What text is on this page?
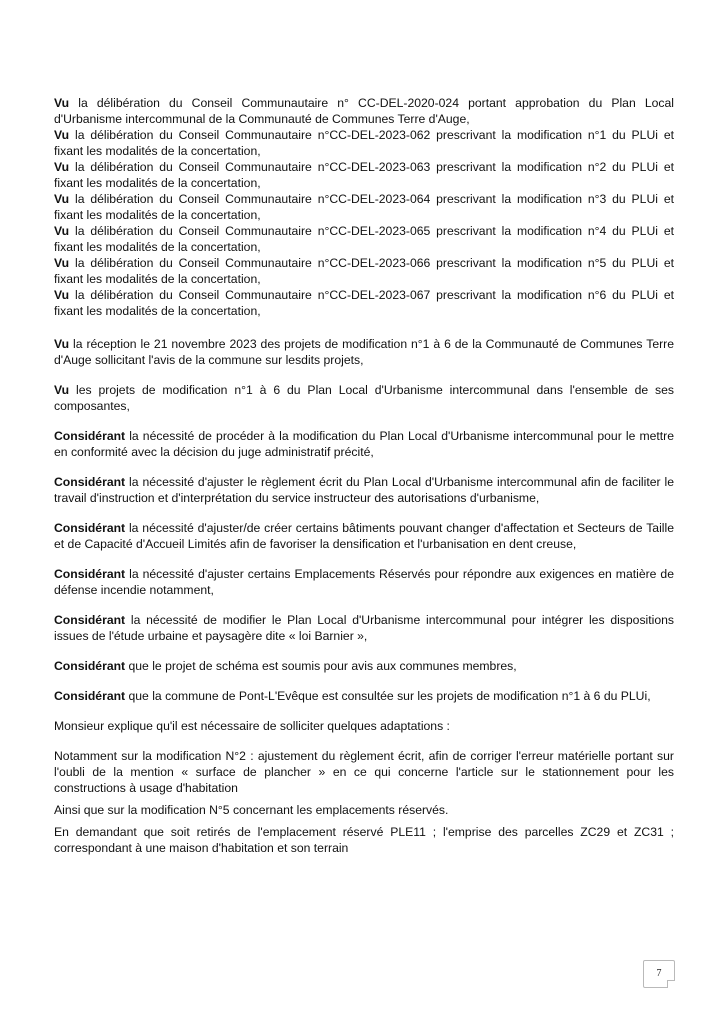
Vu la délibération du Conseil Communautaire n° CC-DEL-2020-024 portant approbation du Plan Local d'Urbanisme intercommunal de la Communauté de Communes Terre d'Auge,

Vu la délibération du Conseil Communautaire n°CC-DEL-2023-062 prescrivant la modification n°1 du PLUi et fixant les modalités de la concertation,

Vu la délibération du Conseil Communautaire n°CC-DEL-2023-063 prescrivant la modification n°2 du PLUi et fixant les modalités de la concertation,

Vu la délibération du Conseil Communautaire n°CC-DEL-2023-064 prescrivant la modification n°3 du PLUi et fixant les modalités de la concertation,

Vu la délibération du Conseil Communautaire n°CC-DEL-2023-065 prescrivant la modification n°4 du PLUi et fixant les modalités de la concertation,

Vu la délibération du Conseil Communautaire n°CC-DEL-2023-066 prescrivant la modification n°5 du PLUi et fixant les modalités de la concertation,

Vu la délibération du Conseil Communautaire n°CC-DEL-2023-067 prescrivant la modification n°6 du PLUi et fixant les modalités de la concertation,

Vu la réception le 21 novembre 2023 des projets de modification n°1 à 6 de la Communauté de Communes Terre d'Auge sollicitant l'avis de la commune sur lesdits projets,

Vu les projets de modification n°1 à 6 du Plan Local d'Urbanisme intercommunal dans l'ensemble de ses composantes,

Considérant la nécessité de procéder à la modification du Plan Local d'Urbanisme intercommunal pour le mettre en conformité avec la décision du juge administratif précité,

Considérant la nécessité d'ajuster le règlement écrit du Plan Local d'Urbanisme intercommunal afin de faciliter le travail d'instruction et d'interprétation du service instructeur des autorisations d'urbanisme,

Considérant la nécessité d'ajuster/de créer certains bâtiments pouvant changer d'affectation et Secteurs de Taille et de Capacité d'Accueil Limités afin de favoriser la densification et l'urbanisation en dent creuse,

Considérant la nécessité d'ajuster certains Emplacements Réservés pour répondre aux exigences en matière de défense incendie notamment,

Considérant la nécessité de modifier le Plan Local d'Urbanisme intercommunal pour intégrer les dispositions issues de l'étude urbaine et paysagère dite « loi Barnier »,

Considérant que le projet de schéma est soumis pour avis aux communes membres,

Considérant que la commune de Pont-L'Evêque est consultée sur les projets de modification n°1 à 6 du PLUi,

Monsieur explique qu'il est nécessaire de solliciter quelques adaptations :

Notamment sur la modification N°2 : ajustement du règlement écrit, afin de corriger l'erreur matérielle portant sur l'oubli de la mention « surface de plancher » en ce qui concerne l'article sur le stationnement pour les constructions à usage d'habitation

Ainsi que sur la modification N°5 concernant les emplacements réservés.

En demandant que soit retirés de l'emplacement réservé PLE11 ; l'emprise des parcelles ZC29 et ZC31 ; correspondant à une maison d'habitation et son terrain

7
